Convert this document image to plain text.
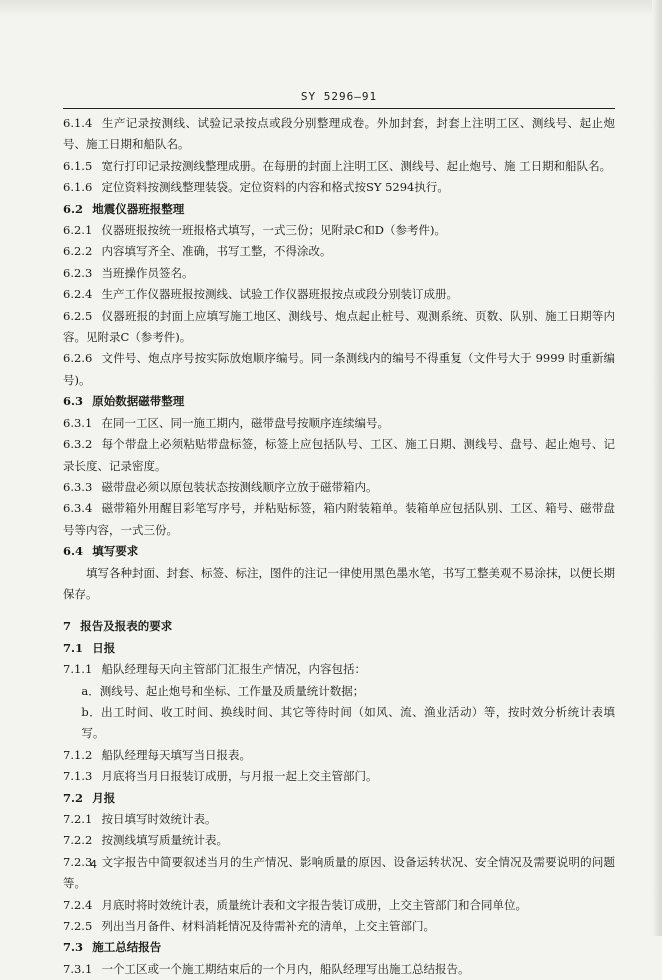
SY 5296—91

6.1.4 生产记录按测线、试验记录按点或段分别整理成卷。外加封套，封套上注明工区、测线号、起止炮号、施工日期和船队名。

6.1.5 宽行打印记录按测线整理成册。在每册的封面上注明工区、测线号、起止炮号、施 工日期和船队名。

6.1.6 定位资料按测线整理装袋。定位资料的内容和格式按SY 5294执行。

6.2 地震仪器班报整理

6.2.1 仪器班报按统一班报格式填写，一式三份；见附录C和D（参考件)。

6.2.2 内容填写齐全、准确，书写工整，不得涂改。

6.2.3 当班操作员签名。

6.2.4 生产工作仪器班报按测线、试验工作仪器班报按点或段分别装订成册。

6.2.5 仪器班报的封面上应填写施工地区、测线号、炮点起止桩号、观测系统、页数、队别、施工日期等内容。见附录C（参考件)。

6.2.6 文件号、炮点序号按实际放炮顺序编号。同一条测线内的编号不得重复（文件号大于 9999 时重新编号)。

6.3 原始数据磁带整理

6.3.1 在同一工区、同一施工期内，磁带盘号按顺序连续编号。

6.3.2 每个带盘上必须粘贴带盘标签，标签上应包括队号、工区、施工日期、测线号、盘号、起止炮号、记录长度、记录密度。

6.3.3 磁带盘必须以原包装状态按测线顺序立放于磁带箱内。

6.3.4 磁带箱外用醒目彩笔写序号，并粘贴标签，箱内附装箱单。装箱单应包括队别、工区、箱号、磁带盘号等内容，一式三份。

6.4 填写要求

填写各种封面、封套、标签、标注，图件的注记一律使用黑色墨水笔，书写工整美观不易涂抹，以便长期保存。

7 报告及报表的要求

7.1 日报

7.1.1 船队经理每天向主管部门汇报生产情况，内容包括：

a．测线号、起止炮号和坐标、工作量及质量统计数据；

b．出工时间、收工时间、换线时间、其它等待时间（如风、流、渔业活动）等，按时效分析统计表填写。

7.1.2 船队经理每天填写当日报表。

7.1.3 月底将当月日报装订成册，与月报一起上交主管部门。

7.2 月报

7.2.1 按日填写时效统计表。

7.2.2 按测线填写质量统计表。

7.2.3 文字报告中简要叙述当月的生产情况、影响质量的原因、设备运转状况、安全情况及需要说明的问题等。

7.2.4 月底时将时效统计表，质量统计表和文字报告装订成册，上交主管部门和合同单位。

7.2.5 列出当月备件、材料消耗情况及待需补充的清单，上交主管部门。

7.3 施工总结报告

7.3.1 一个工区或一个施工期结束后的一个月内，船队经理写出施工总结报告。

4
